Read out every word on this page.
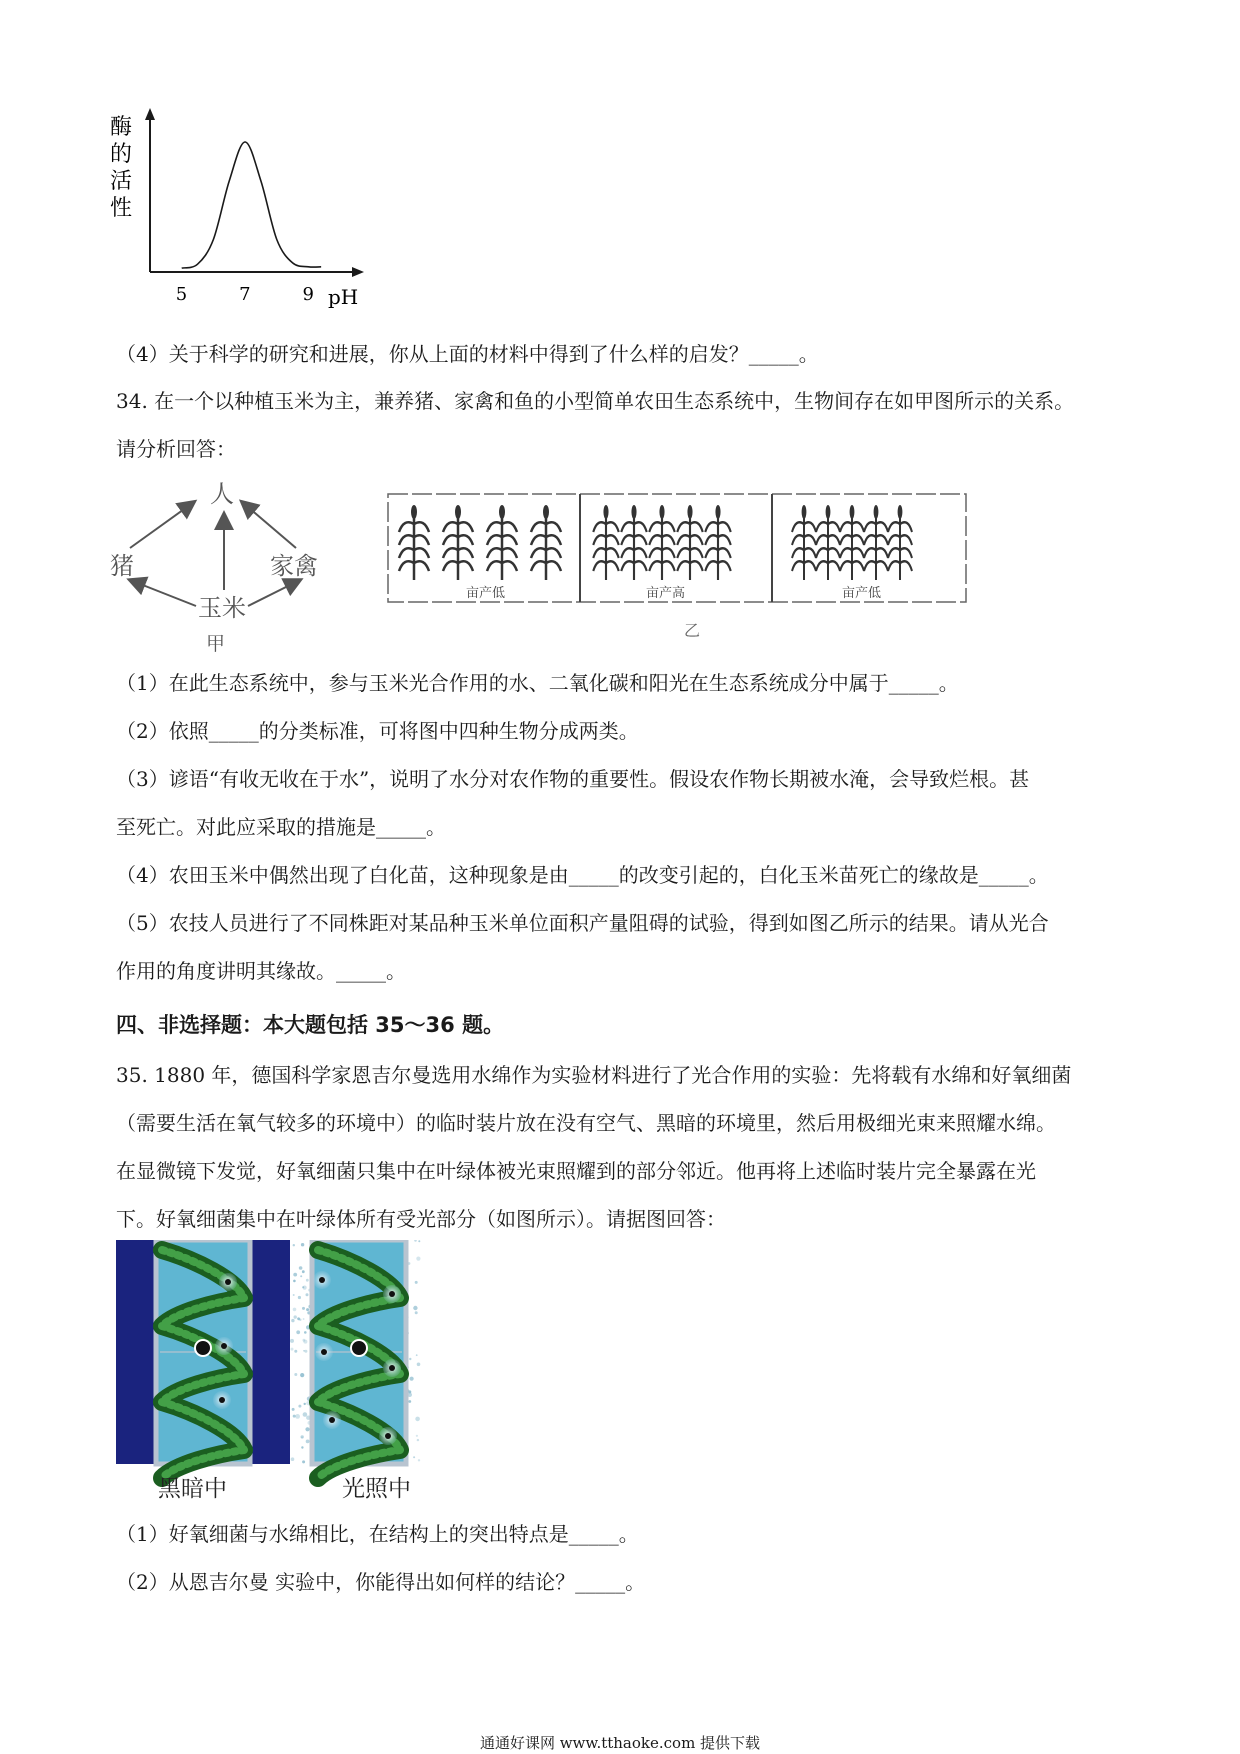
酶
的
活
性
5	7	9 pH
（4）关于科学的研究和进展，你从上面的材料中得到了什么样的启发？_____。
34. 在一个以种植玉米为主，兼养猪、家禽和鱼的小型简单农田生态系统中，生物间存在如甲图所示的关系。
请分析回答：
人
猪	家禽
玉米
甲
亩产低	亩产高	亩产低
乙
（1）在此生态系统中，参与玉米光合作用的水、二氧化碳和阳光在生态系统成分中属于_____。
（2）依照_____的分类标准，可将图中四种生物分成两类。
（3）谚语“有收无收在于水”，说明了水分对农作物的重要性。假设农作物长期被水淹，会导致烂根。甚
至死亡。对此应采取的措施是_____。
（4）农田玉米中偶然出现了白化苗，这种现象是由_____的改变引起的，白化玉米苗死亡的缘故是_____。
（5）农技人员进行了不同株距对某品种玉米单位面积产量阻碍的试验，得到如图乙所示的结果。请从光合
作用的角度讲明其缘故。_____。
四、非选择题：本大题包括 35～36 题。
35. 1880 年，德国科学家恩吉尔曼选用水绵作为实验材料进行了光合作用的实验：先将载有水绵和好氧细菌
（需要生活在氧气较多的环境中）的临时装片放在没有空气、黑暗的环境里，然后用极细光束来照耀水绵。
在显微镜下发觉，好氧细菌只集中在叶绿体被光束照耀到的部分邻近。他再将上述临时装片完全暴露在光
下。好氧细菌集中在叶绿体所有受光部分（如图所示）。请据图回答：
黑暗中	光照中
（1）好氧细菌与水绵相比，在结构上的突出特点是_____。
（2）从恩吉尔曼 实验中，你能得出如何样的结论？_____。
通通好课网 www.tthaoke.com 提供下载
